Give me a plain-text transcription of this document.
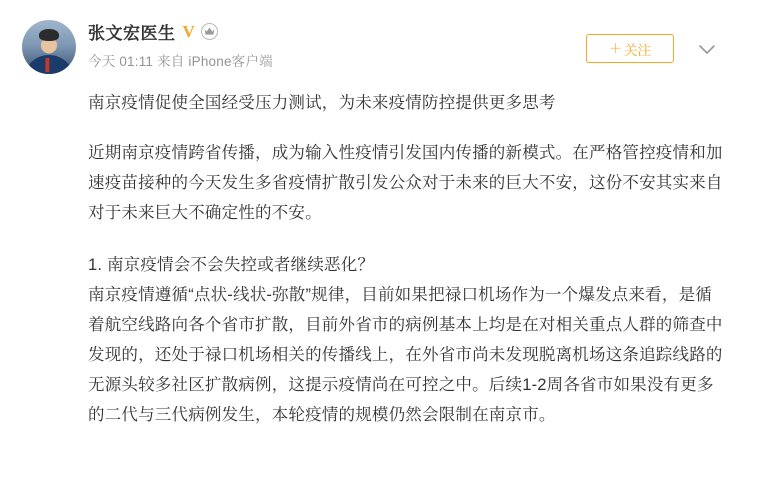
张文宏医生 V
今天 01:11 来自 iPhone客户端
＋ 关注

南京疫情促使全国经受压力测试，为未来疫情防控提供更多思考

近期南京疫情跨省传播，成为输入性疫情引发国内传播的新模式。在严格管控疫情和加速疫苗接种的今天发生多省疫情扩散引发公众对于未来的巨大不安，这份不安其实来自对于未来巨大不确定性的不安。

1. 南京疫情会不会失控或者继续恶化？

南京疫情遵循“点状-线状-弥散”规律，目前如果把禄口机场作为一个爆发点来看，是循着航空线路向各个省市扩散，目前外省市的病例基本上均是在对相关重点人群的筛查中发现的，还处于禄口机场相关的传播线上，在外省市尚未发现脱离机场这条追踪线路的无源头较多社区扩散病例，这提示疫情尚在可控之中。后续1-2周各省市如果没有更多的二代与三代病例发生，本轮疫情的规模仍然会限制在南京市。
